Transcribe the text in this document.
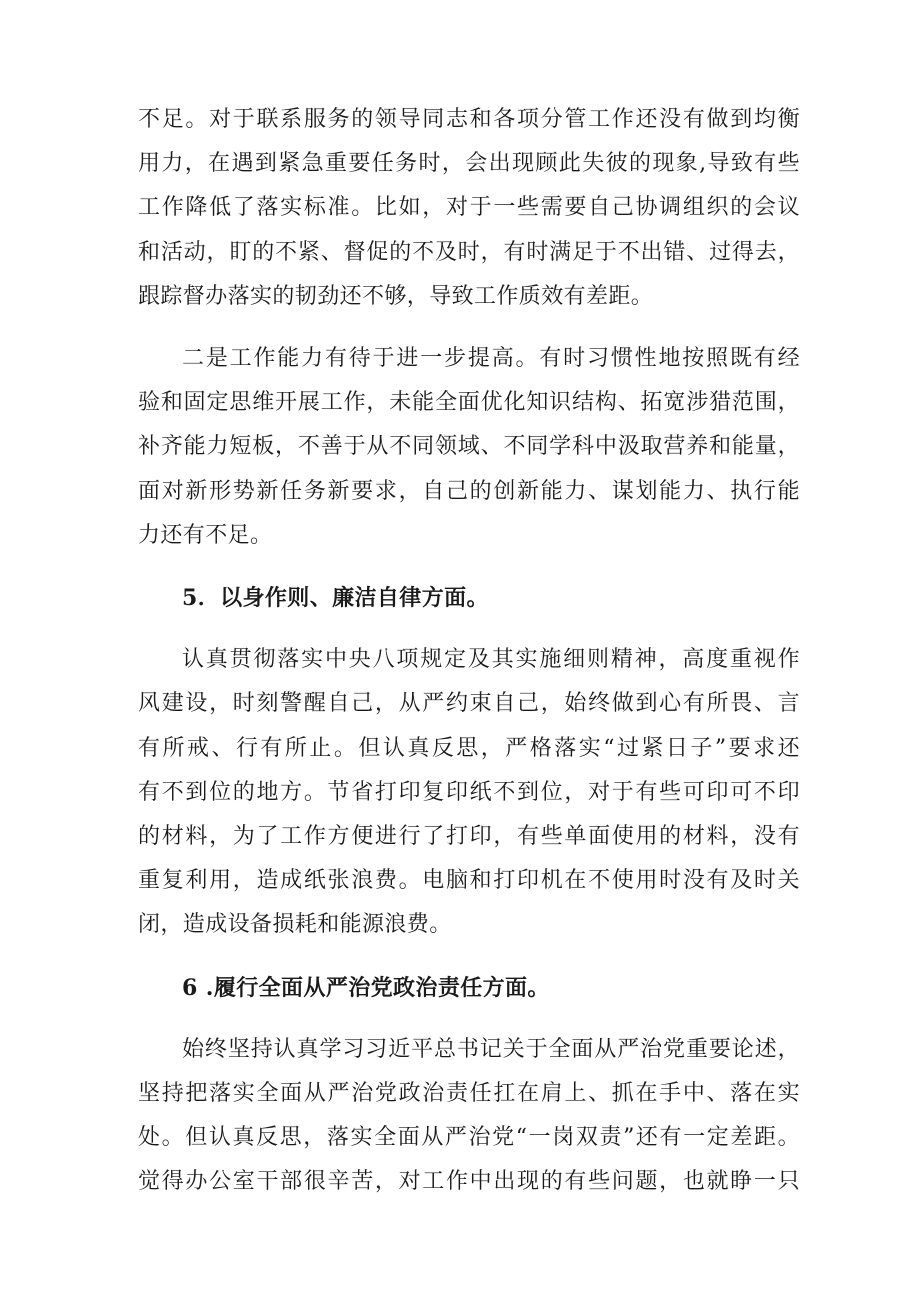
不足。对于联系服务的领导同志和各项分管工作还没有做到均衡
用力，在遇到紧急重要任务时，会出现顾此失彼的现象,导致有些
工作降低了落实标准。比如，对于一些需要自己协调组织的会议
和活动，盯的不紧、督促的不及时，有时满足于不出错、过得去，
跟踪督办落实的韧劲还不够，导致工作质效有差距。

二是工作能力有待于进一步提高。有时习惯性地按照既有经
验和固定思维开展工作，未能全面优化知识结构、拓宽涉猎范围，
补齐能力短板，不善于从不同领域、不同学科中汲取营养和能量，
面对新形势新任务新要求，自己的创新能力、谋划能力、执行能
力还有不足。

5．以身作则、廉洁自律方面。

认真贯彻落实中央八项规定及其实施细则精神，高度重视作
风建设，时刻警醒自己，从严约束自己，始终做到心有所畏、言
有所戒、行有所止。但认真反思，严格落实“过紧日子”要求还
有不到位的地方。节省打印复印纸不到位，对于有些可印可不印
的材料，为了工作方便进行了打印，有些单面使用的材料，没有
重复利用，造成纸张浪费。电脑和打印机在不使用时没有及时关
闭，造成设备损耗和能源浪费。

6 .履行全面从严治党政治责任方面。

始终坚持认真学习习近平总书记关于全面从严治党重要论述，
坚持把落实全面从严治党政治责任扛在肩上、抓在手中、落在实
处。但认真反思，落实全面从严治党“一岗双责”还有一定差距。
觉得办公室干部很辛苦，对工作中出现的有些问题，也就睁一只
